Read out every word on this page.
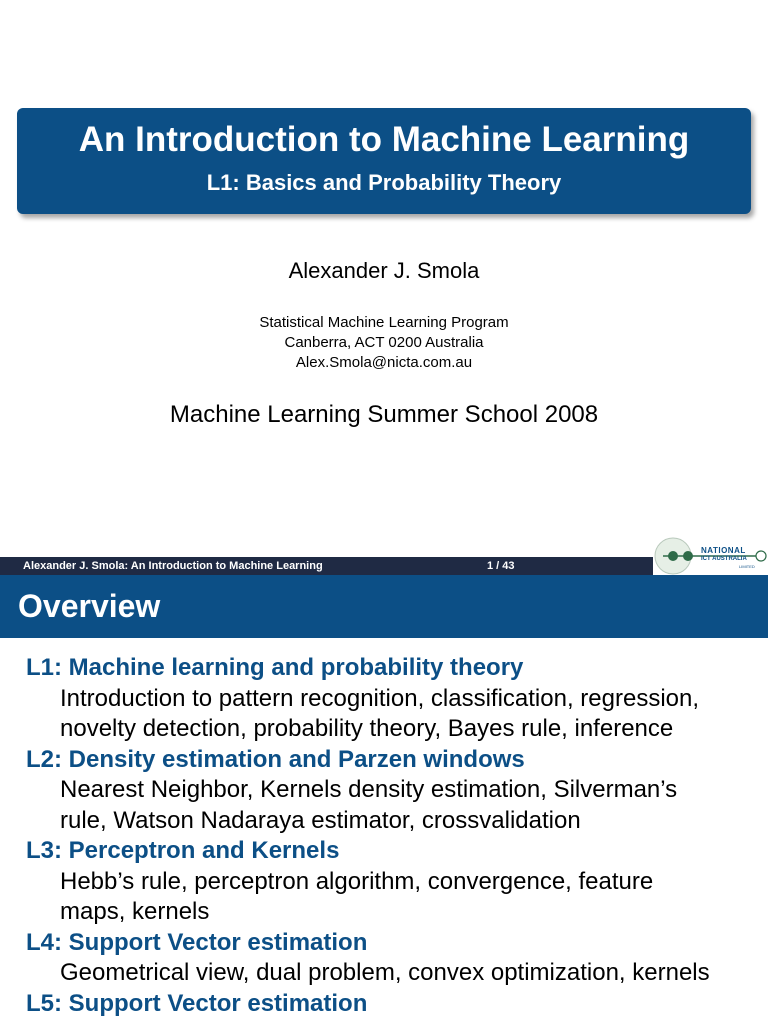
An Introduction to Machine Learning
L1: Basics and Probability Theory
Alexander J. Smola
Statistical Machine Learning Program
Canberra, ACT 0200 Australia
Alex.Smola@nicta.com.au
Machine Learning Summer School 2008
Alexander J. Smola: An Introduction to Machine Learning	1 / 43
NATIONAL
ICT AUSTRALIA
LIMITED
Overview
L1: Machine learning and probability theory
Introduction to pattern recognition, classification, regression,
novelty detection, probability theory, Bayes rule, inference
L2: Density estimation and Parzen windows
Nearest Neighbor, Kernels density estimation, Silverman’s
rule, Watson Nadaraya estimator, crossvalidation
L3: Perceptron and Kernels
Hebb’s rule, perceptron algorithm, convergence, feature
maps, kernels
L4: Support Vector estimation
Geometrical view, dual problem, convex optimization, kernels
L5: Support Vector estimation
